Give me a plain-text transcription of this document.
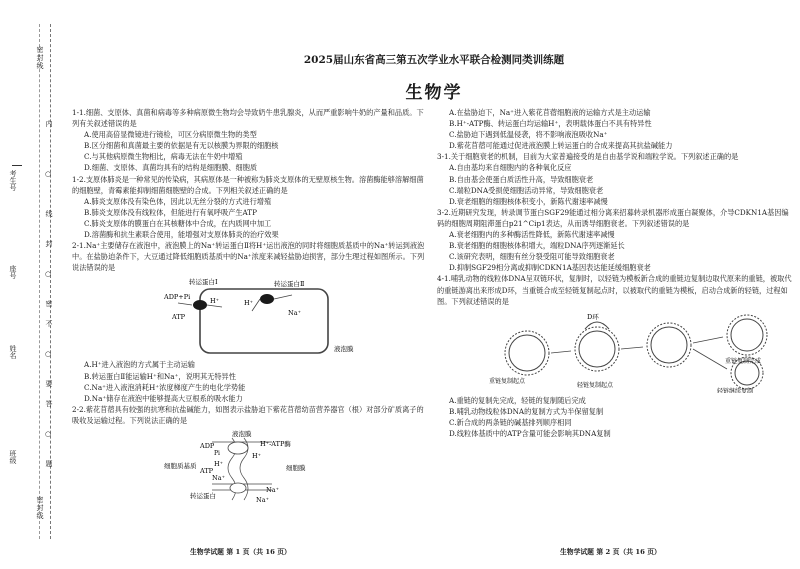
密封线
密封线
○
○
○
○
内
线
封
密
不
要
答
题
考生号
座号
姓名
班级
2025届山东省高三第五次学业水平联合检测同类训练题
生物学

1-1.细菌、支原体、真菌和病毒等多种病原微生物均会导致奶牛患乳腺炎，从而严重影响牛奶的产量和品质。下列有关叙述错误的是

A.使用高倍显微镜进行镜检，可区分病原微生物的类型

B.区分细菌和真菌最主要的依据是有无以核膜为界限的细胞核

C.与其他病原微生物相比，病毒无法在牛奶中增殖

D.细菌、支原体、真菌均具有的结构是细胞膜、细胞质

1-2.支原体肺炎是一种常见的传染病，其病原体是一种被称为肺炎支原体的无壁原核生物。溶菌酶能够溶解细菌的细胞壁，青霉素能抑制细菌细胞壁的合成。下列相关叙述正确的是

A.肺炎支原体没有染色体，因此以无丝分裂的方式进行增殖

B.肺炎支原体没有线粒体，但能进行有氧呼吸产生ATP

C.肺炎支原体的膜蛋白在其核糖体中合成，在内质网中加工

D.溶菌酶和抗生素联合使用，能增强对支原体肺炎的治疗效果

2-1.Na⁺主要储存在液泡中，液泡膜上的Na⁺转运蛋白Ⅱ将H⁺运出液泡的同时将细胞质基质中的Na⁺转运到液泡中。在盐胁迫条件下，大豆通过降低细胞质基质中的Na⁺浓度来减轻盐胁迫损害，部分生理过程如图所示。下列说法错误的是

转运蛋白Ⅰ	转运蛋白Ⅱ
ADP+Pi
ATP
H⁺	H⁺
Na⁺
液泡膜

A.H⁺进入液泡的方式属于主动运输

B.转运蛋白Ⅱ能运输H⁺和Na⁺，说明其无特异性

C.Na⁺进入液泡消耗H⁺浓度梯度产生的电化学势能

D.Na⁺储存在液泡中能够提高大豆根系的吸水能力

2-2.紫花苜蓿具有较强的抗寒和抗盐碱能力，如图表示盐胁迫下紫花苜蓿幼苗营养器官（根）对部分矿质离子的吸收及运输过程。下列说法正确的是

液泡膜
ADP
Pi
ATP
H⁺
H⁺
H⁺-ATP酶
细胞质基质	细胞膜
转运蛋白
Na⁺
Na⁺
Na⁺

A.在盐胁迫下，Na⁺进入紫花苜蓿细胞液的运输方式是主动运输

B.H⁺-ATP酶、转运蛋白均运输H⁺，表明载体蛋白不具有特异性

C.盐胁迫下遇到低温侵袭，将不影响液泡吸收Na⁺

D.紫花苜蓿可能通过促进液泡膜上转运蛋白的合成来提高其抗盐碱能力

3-1.关于细胞衰老的机制，目前为大家普遍接受的是自由基学说和端粒学说。下列叙述正确的是

A.自由基均来自细胞内的各种氧化反应

B.自由基会使蛋白质活性升高，导致细胞衰老

C.端粒DNA受损使细胞活动异常，导致细胞衰老

D.衰老细胞的细胞核体积变小，新陈代谢速率减慢

3-2.近期研究发现，转录调节蛋白SGF29能通过相分离来招募转录机器形成蛋白凝聚体，介导CDKN1A基因编码的细胞周期阻滞蛋白p21^Cip1表达，从而诱导细胞衰老。下列叙述错误的是

A.衰老细胞内的多种酶活性降低，新陈代谢速率减慢

B.衰老细胞的细胞核体积增大，端粒DNA序列逐渐延长

C.该研究表明，细胞有丝分裂受阻可能导致细胞衰老

D.抑制SGF29相分离或抑制CDKN1A基因表达能延缓细胞衰老

4-1.哺乳动物的线粒体DNA呈双链环状，复制时，以轻链为模板新合成的重链边复制边取代原来的重链，被取代的重链游离出来形成D环，当重链合成至轻链复制起点时，以被取代的重链为模板，启动合成新的轻链，过程如图。下列叙述错误的是

D环
重链复制起点
轻链复制起点
重链复制完成
轻链继续复制

A.重链的复制先完成，轻链的复制随后完成

B.哺乳动物线粒体DNA的复制方式为半保留复制

C.新合成的两条链的碱基排列顺序相同

D.线粒体基质中的ATP含量可能会影响其DNA复制

生物学试题 第 1 页（共 16 页）	生物学试题 第 2 页（共 16 页）
